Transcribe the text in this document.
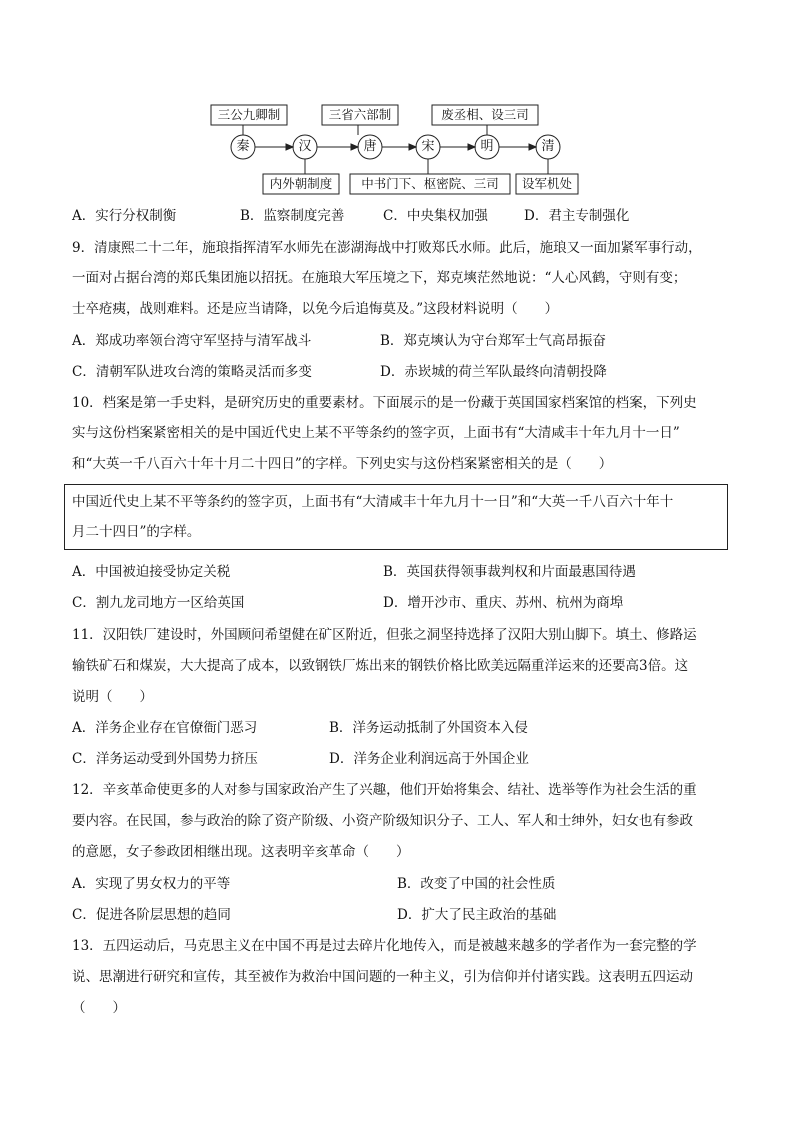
三公九卿制	三省六部制	废丞相、设三司
内外朝制度	中书门下、枢密院、三司	设军机处
秦	汉	唐	宋	明	清
A．实行分权制衡	B．监察制度完善	C．中央集权加强	D．君主专制强化
9．清康熙二十二年，施琅指挥清军水师先在澎湖海战中打败郑氏水师。此后，施琅又一面加紧军事行动，
一面对占据台湾的郑氏集团施以招抚。在施琅大军压境之下，郑克塽茫然地说：“人心风鹤，守则有变；
士卒疮痍，战则难料。还是应当请降，以免今后追悔莫及。”这段材料说明（　　）
A．郑成功率领台湾守军坚持与清军战斗	B．郑克塽认为守台郑军士气高昂振奋
C．清朝军队进攻台湾的策略灵活而多变	D．赤崁城的荷兰军队最终向清朝投降
10．档案是第一手史料，是研究历史的重要素材。下面展示的是一份藏于英国国家档案馆的档案，下列史
实与这份档案紧密相关的是中国近代史上某不平等条约的签字页，上面书有“大清咸丰十年九月十一日”
和“大英一千八百六十年十月二十四日”的字样。下列史实与这份档案紧密相关的是（　　）
中国近代史上某不平等条约的签字页，上面书有“大清咸丰十年九月十一日”和“大英一千八百六十年十
月二十四日”的字样。
A．中国被迫接受协定关税	B．英国获得领事裁判权和片面最惠国待遇
C．割九龙司地方一区给英国	D．增开沙市、重庆、苏州、杭州为商埠
11．汉阳铁厂建设时，外国顾问希望健在矿区附近，但张之洞坚持选择了汉阳大别山脚下。填土、修路运
输铁矿石和煤炭，大大提高了成本，以致钢铁厂炼出来的钢铁价格比欧美远隔重洋运来的还要高3倍。这
说明（　　）
A．洋务企业存在官僚衙门恶习	B．洋务运动抵制了外国资本入侵
C．洋务运动受到外国势力挤压	D．洋务企业利润远高于外国企业
12．辛亥革命使更多的人对参与国家政治产生了兴趣，他们开始将集会、结社、选举等作为社会生活的重
要内容。在民国，参与政治的除了资产阶级、小资产阶级知识分子、工人、军人和士绅外，妇女也有参政
的意愿，女子参政团相继出现。这表明辛亥革命（　　）
A．实现了男女权力的平等	B．改变了中国的社会性质
C．促进各阶层思想的趋同	D．扩大了民主政治的基础
13．五四运动后，马克思主义在中国不再是过去碎片化地传入，而是被越来越多的学者作为一套完整的学
说、思潮进行研究和宣传，其至被作为救治中国问题的一种主义，引为信仰并付诸实践。这表明五四运动
（　　）
